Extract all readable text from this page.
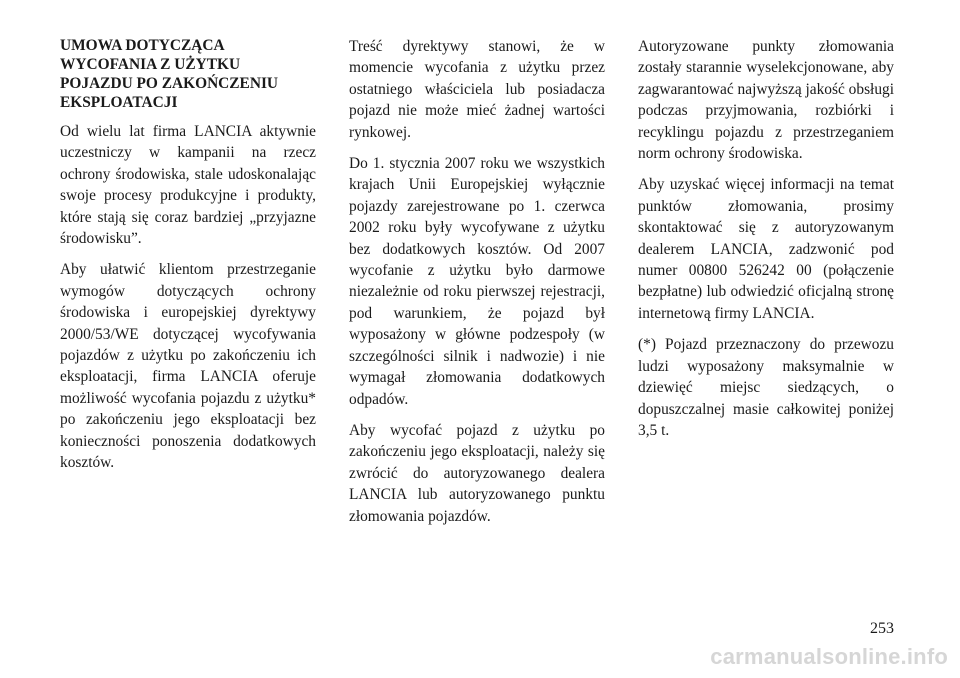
UMOWA DOTYCZĄCA WYCOFANIA Z UŻYTKU POJAZDU PO ZAKOŃCZENIU EKSPLOATACJI

Od wielu lat firma LANCIA aktywnie uczestniczy w kampanii na rzecz ochrony środowiska, stale udoskonalając swoje procesy produkcyjne i produkty, które stają się coraz bardziej „przyjazne środowisku”.

Aby ułatwić klientom przestrzeganie wymogów dotyczących ochrony środowiska i europejskiej dyrektywy 2000/53/WE dotyczącej wycofywania pojazdów z użytku po zakończeniu ich eksploatacji, firma LANCIA oferuje możliwość wycofania pojazdu z użytku* po zakończeniu jego eksploatacji bez konieczności ponoszenia dodatkowych kosztów.

Treść dyrektywy stanowi, że w momencie wycofania z użytku przez ostatniego właściciela lub posiadacza pojazd nie może mieć żadnej wartości rynkowej.

Do 1. stycznia 2007 roku we wszystkich krajach Unii Europejskiej wyłącznie pojazdy zarejestrowane po 1. czerwca 2002 roku były wycofywane z użytku bez dodatkowych kosztów. Od 2007 wycofanie z użytku było darmowe niezależnie od roku pierwszej rejestracji, pod warunkiem, że pojazd był wyposażony w główne podzespoły (w szczególności silnik i nadwozie) i nie wymagał złomowania dodatkowych odpadów.

Aby wycofać pojazd z użytku po zakończeniu jego eksploatacji, należy się zwrócić do autoryzowanego dealera LANCIA lub autoryzowanego punktu złomowania pojazdów.

Autoryzowane punkty złomowania zostały starannie wyselekcjonowane, aby zagwarantować najwyższą jakość obsługi podczas przyjmowania, rozbiórki i recyklingu pojazdu z przestrzeganiem norm ochrony środowiska.

Aby uzyskać więcej informacji na temat punktów złomowania, prosimy skontaktować się z autoryzowanym dealerem LANCIA, zadzwonić pod numer 00800 526242 00 (połączenie bezpłatne) lub odwiedzić oficjalną stronę internetową firmy LANCIA.

(*) Pojazd przeznaczony do przewozu ludzi wyposażony maksymalnie w dziewięć miejsc siedzących, o dopuszczalnej masie całkowitej poniżej 3,5 t.

253
carmanualsonline.info
